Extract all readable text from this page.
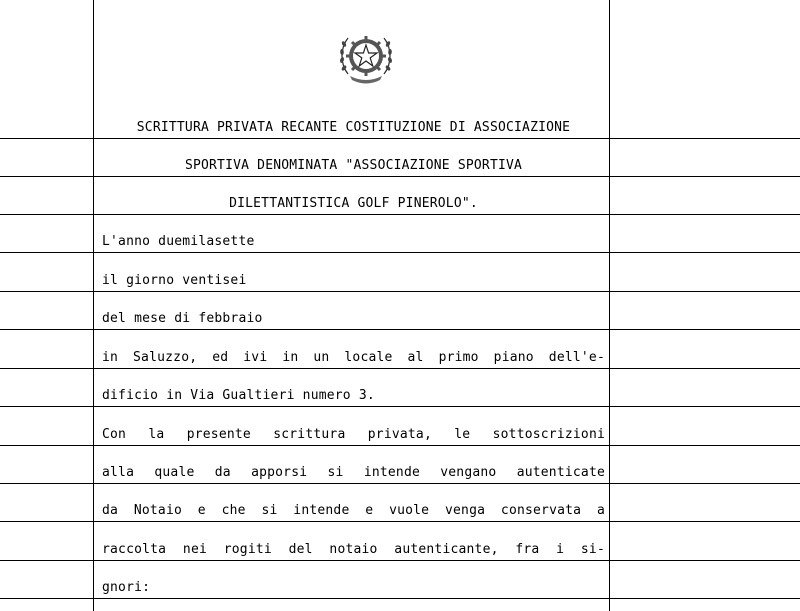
SCRITTURA PRIVATA RECANTE COSTITUZIONE DI ASSOCIAZIONE
SPORTIVA DENOMINATA "ASSOCIAZIONE SPORTIVA
DILETTANTISTICA GOLF PINEROLO".
L'anno duemilasette
il giorno ventisei
del mese di febbraio
in Saluzzo, ed ivi in un locale al primo piano dell'e-
dificio in Via Gualtieri numero 3.
Con la presente scrittura privata, le sottoscrizioni
alla quale da apporsi si intende vengano autenticate
da Notaio e che si intende e vuole venga conservata a
raccolta nei rogiti del notaio autenticante, fra i si-
gnori:
